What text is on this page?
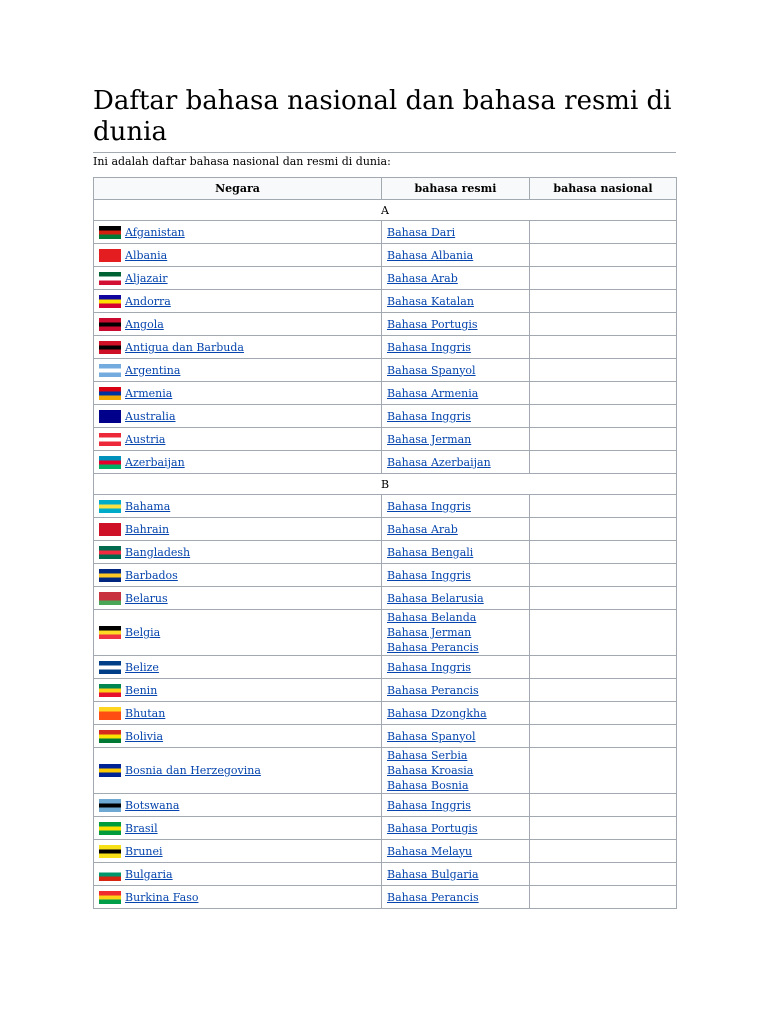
Daftar bahasa nasional dan bahasa resmi di dunia
Ini adalah daftar bahasa nasional dan resmi di dunia:
Negara	bahasa resmi	bahasa nasional
A		

Afganistan	Bahasa Dari	

Albania	Bahasa Albania	

Aljazair	Bahasa Arab	

Andorra	Bahasa Katalan	

Angola	Bahasa Portugis	

Antigua dan Barbuda	Bahasa Inggris	

Argentina	Bahasa Spanyol	

Armenia	Bahasa Armenia	

Australia	Bahasa Inggris	

Austria	Bahasa Jerman	

Azerbaijan	Bahasa Azerbaijan	

B		

Bahama	Bahasa Inggris	

Bahrain	Bahasa Arab	

Bangladesh	Bahasa Bengali	

Barbados	Bahasa Inggris	

Belarus	Bahasa Belarusia	

Belgia	Bahasa Belanda
Bahasa Jerman
Bahasa Perancis	

Belize	Bahasa Inggris	

Benin	Bahasa Perancis	

Bhutan	Bahasa Dzongkha	

Bolivia	Bahasa Spanyol	

Bosnia dan Herzegovina	Bahasa Serbia
Bahasa Kroasia
Bahasa Bosnia	

Botswana	Bahasa Inggris	

Brasil	Bahasa Portugis	

Brunei	Bahasa Melayu	

Bulgaria	Bahasa Bulgaria	

Burkina Faso	Bahasa Perancis	
